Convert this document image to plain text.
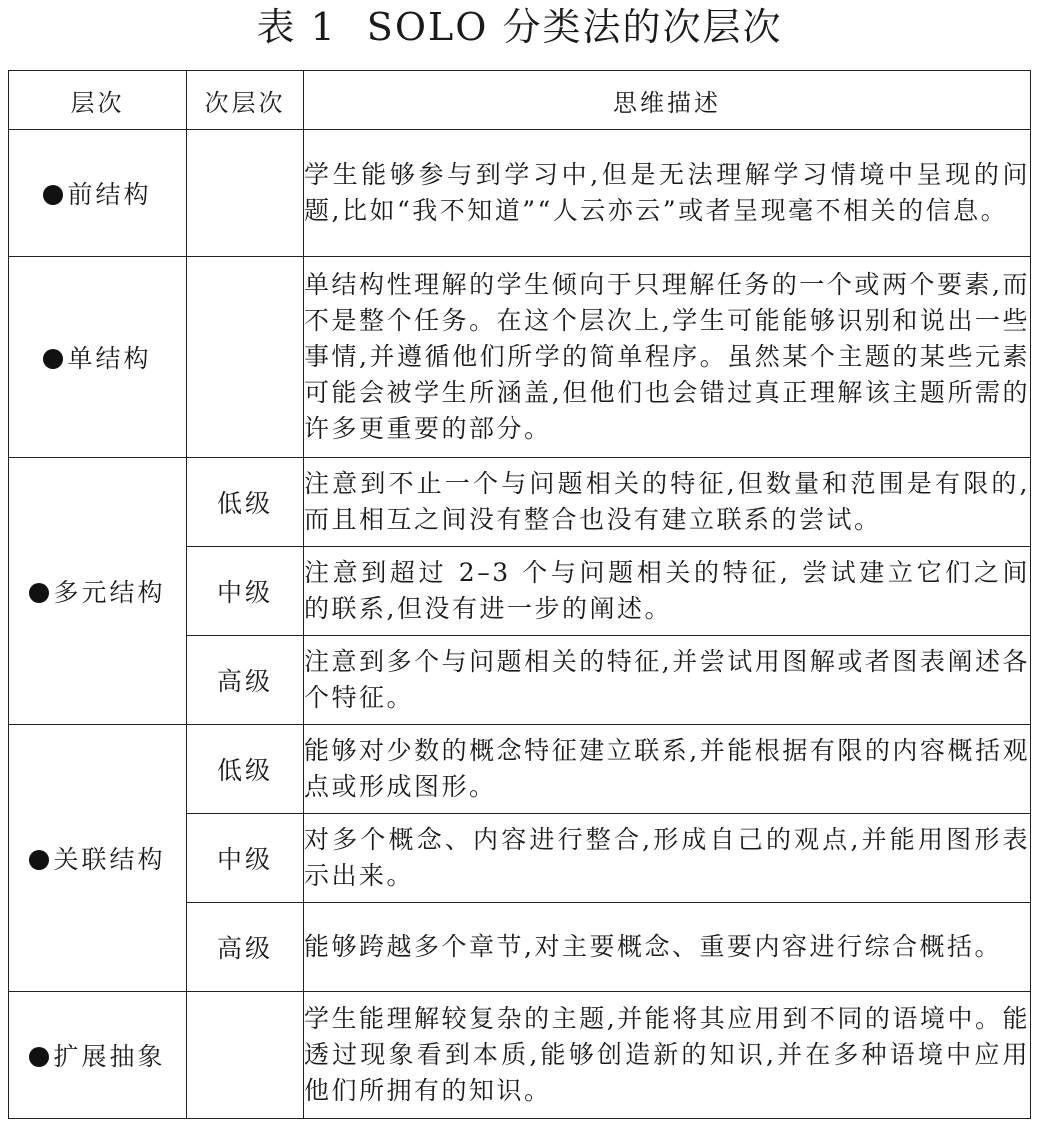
表 1 SOLO 分类法的次层次
层次	次层次	思维描述
前结构		学生能够参与到学习中,但是无法理解学习情境中呈现的问题,比如“我不知道”“人云亦云”或者呈现毫不相关的信息。
单结构		单结构性理解的学生倾向于只理解任务的一个或两个要素,而不是整个任务。在这个层次上,学生可能能够识别和说出一些事情,并遵循他们所学的简单程序。虽然某个主题的某些元素可能会被学生所涵盖,但他们也会错过真正理解该主题所需的许多更重要的部分。
多元结构	低级	注意到不止一个与问题相关的特征,但数量和范围是有限的,而且相互之间没有整合也没有建立联系的尝试。
	中级	注意到超过 2–3 个与问题相关的特征, 尝试建立它们之间的联系,但没有进一步的阐述。
	高级	注意到多个与问题相关的特征,并尝试用图解或者图表阐述各个特征。
关联结构	低级	能够对少数的概念特征建立联系,并能根据有限的内容概括观点或形成图形。
	中级	对多个概念、内容进行整合,形成自己的观点,并能用图形表示出来。
	高级	能够跨越多个章节,对主要概念、重要内容进行综合概括。
扩展抽象		学生能理解较复杂的主题,并能将其应用到不同的语境中。能透过现象看到本质,能够创造新的知识,并在多种语境中应用他们所拥有的知识。
